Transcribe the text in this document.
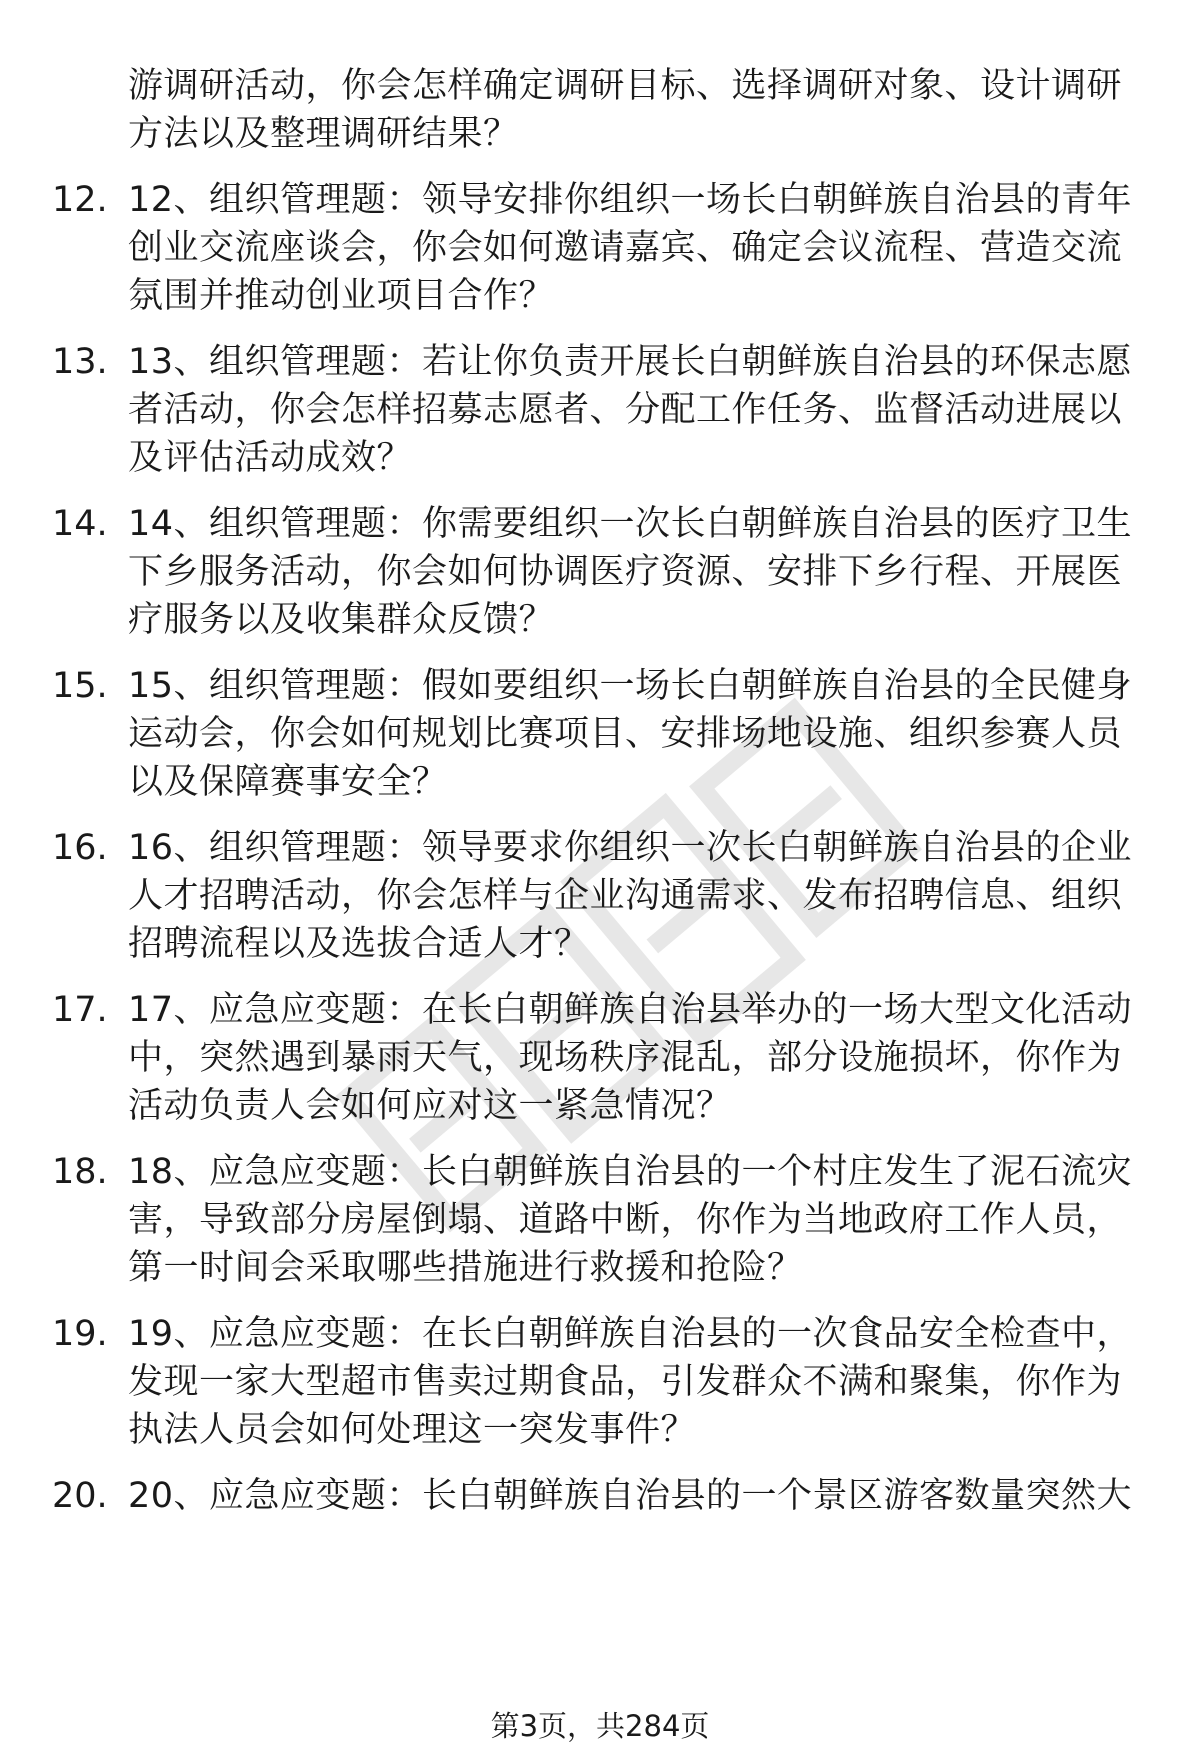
游调研活动，你会怎样确定调研目标、选择调研对象、设计调研方法以及整理调研结果？

12. 12、组织管理题：领导安排你组织一场长白朝鲜族自治县的青年创业交流座谈会，你会如何邀请嘉宾、确定会议流程、营造交流氛围并推动创业项目合作？

13. 13、组织管理题：若让你负责开展长白朝鲜族自治县的环保志愿者活动，你会怎样招募志愿者、分配工作任务、监督活动进展以及评估活动成效？

14. 14、组织管理题：你需要组织一次长白朝鲜族自治县的医疗卫生下乡服务活动，你会如何协调医疗资源、安排下乡行程、开展医疗服务以及收集群众反馈？

15. 15、组织管理题：假如要组织一场长白朝鲜族自治县的全民健身运动会，你会如何规划比赛项目、安排场地设施、组织参赛人员以及保障赛事安全？

16. 16、组织管理题：领导要求你组织一次长白朝鲜族自治县的企业人才招聘活动，你会怎样与企业沟通需求、发布招聘信息、组织招聘流程以及选拔合适人才？

17. 17、应急应变题：在长白朝鲜族自治县举办的一场大型文化活动中，突然遇到暴雨天气，现场秩序混乱，部分设施损坏，你作为活动负责人会如何应对这一紧急情况？

18. 18、应急应变题：长白朝鲜族自治县的一个村庄发生了泥石流灾害，导致部分房屋倒塌、道路中断，你作为当地政府工作人员，第一时间会采取哪些措施进行救援和抢险？

19. 19、应急应变题：在长白朝鲜族自治县的一次食品安全检查中，发现一家大型超市售卖过期食品，引发群众不满和聚集，你作为执法人员会如何处理这一突发事件？

20. 20、应急应变题：长白朝鲜族自治县的一个景区游客数量突然大

第3页，共284页
